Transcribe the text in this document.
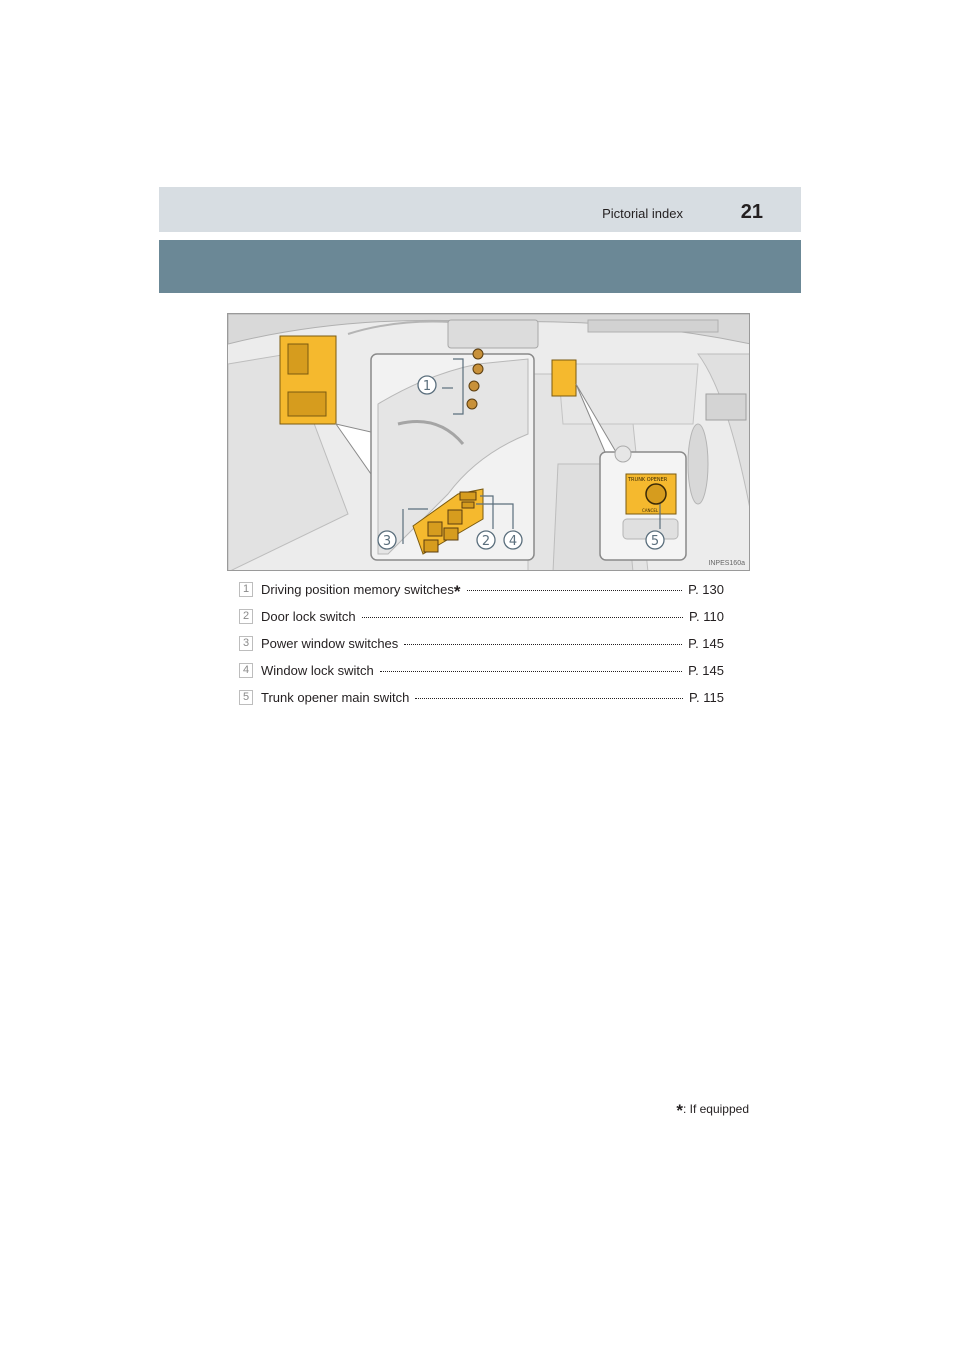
Pictorial index	21
TRUNK OPENER
CANCEL
1
2
3	4	5
INPES160a
1 Driving position memory switches*	P. 130
2 Door lock switch	P. 110
3 Power window switches	P. 145
4 Window lock switch	P. 145
5 Trunk opener main switch	P. 115
*: If equipped
